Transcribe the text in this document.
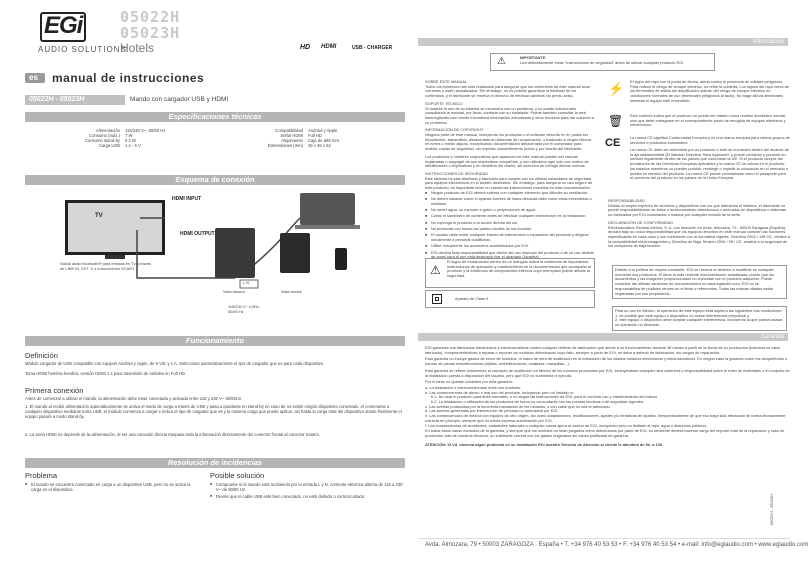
EGi
AUDIO SOLUTIONS
05022H
05023H
Hotels	HD HDMI	USB - CHARGER
es manual de instrucciones
05022H - 05023H	Mando con cargador USB y HDMI
Especificaciones técnicas
Alimentación 115/230 V~, 50/60 Hz
Consumo (máx.) 7 W
Consumo stand-by 0.2 W
Carga USB 1 A - 5 V
Compatibilidad Android y Apple
Señal HDMI Full HD
Alojamiento Caja de ø60 mm.
Dimensiones (mm) 45 x 45 x 52
Esquema de conexión
TV
HDMI INPUT
HDMI OUTPUT
Salida audio bluetooth® para entrada en TV a través de LINE IN, EXT. X o euroconector SCART.
Vista trasera	Vista frontal
L N
115/230 V~ ±15%, 50/60 Hz
Funcionamiento
Definición
Módulo cargador de USB compatible con equipos Android y Apple, de 5 Vdc y 1 A. Selecciona automáticamente el tipo de cargador que es para cada dispositivo.
Toma HDMI hembra-hembra, versión HDMI 1.4 para trasmisión de señales en Full HD.
Primera conexión
Antes de comenzar a utilizar el mando, la alimentación debe estar conectada y activada entre 115 y 230 V~ 50/60Hz.
1. El mando al recibir alimentación automáticamente se activa el modo de carga a través de USB y pasa a quedarse en stand-by en caso de no existir ningún dispositivo conectado. Al conectarse a cualquier dispositivo mediante toma USB, el módulo comienza a cargar e indica el tipo de cargador que es y la máxima carga que puede aplicar, así hasta la carga total del dispositivo donde finalmente el equipo pasará a modo stand-by.
2. La toma HDMI no depende de la alimentación, al ser una conexión directa traspasa toda la información directamente del conector frontal al conector trasero.
Resolución de incidencias
Problema	Posible solución
■ El mando se encuentra conectado en carga a un dispositivo USB, pero no se activa la carga en el dispositivo.
■ Compruebe si el mando está recibiendo por la entrada L y N, corriente eléctrica alterna de 115 a 230 V~ de 50/60 Hz.
■ Revise que el cable USB esté bien conectado, no esté dañado o cortocircuitado.
Información
⚠	IMPORTANTE
Lea detenidamente estas "Instrucciones de seguridad" antes de utilizar cualquier producto EGi
SOBRE ESTE MANUAL
Todos los esfuerzos han sido realizados para asegurar que los contenidos de este manual sean correctos y estén actualizados. Sin embargo, no es posible garantizar la fidelidad de los contenidos, y el fabricante se reserva el derecho de efectuar cambios sin previo aviso.
SOPORTE TÉCNICO
Si durante el uso de su sistema se encuentra con un problema, y no puede solucionarlo consultando el manual, por favor, contacte con su instalador. Puede también consultar la web www.egiaudio.com donde encontrará información actualizada y otros recursos para dar solución a su problema.
INFORMACIÓN DE COPYRIGHT
Ninguna parte de este manual, incluyendo los productos o el software descrito en él, podrá ser reproducido, transmitido, almacenado en sistemas de recuperación, o traducido a ningún idioma en forma o medio alguno, exceptuando documentación almacenada por el comprador para realizar copias de seguridad, sin expreso consentimiento previo y por escrito del fabricante.
Los productos y nombres corporativos que aparecen en este manual pueden ser marcas registradas o copyright de sus respectivas compañías, y son utilizados aquí solo con motivo de identificación o explicativos y en beneficio del dueño, sin intención de infringir dichas normas.
INSTRUCCIONES DE SEGURIDAD
Este sistema ha sido diseñado y fabricado para cumplir con los últimos estándares de seguridad para equipos electrónicos en el ámbito doméstico. Sin embargo, para asegurar un uso seguro de este producto, es importante tener en cuenta las instrucciones incluidas en esta documentación.
■ Ningún producto de EGi deberá subirse con cualquier elemento que dificulte su ventilación.
■ No deben situarse sobre el aparato fuentes de llama desnuda tales como velas encendidas o similares.
■ No verter agua, no exponer a goteo o proyecciones de agua.
■ Cortar el suministro de corriente antes de efectuar cualquier intervención en la instalación.
■ No exponga el producto a la acción directa del sol.
■ No presionar con fuerza las partes móviles de los mandos.
■ El usuario debe evitar cualquier intento de intervención o reparación del producto y dirigirse únicamente a personal cualificado.
■ Utilice únicamente los accesorios suministrados por EGi.
■ EGi declina toda responsabilidad que derive del uso impropio del producto o de un uso distinto de aquel para el que está destinado (ver el apartado Garantía).
⚠
El signo de exclamación dentro de un triángulo indica la existencia de importantes instrucciones de operación y mantenimiento en la documentación que acompaña al producto y la existencia de componentes internos cuyo reemplazo puede afectar la seguridad.
Aparato de Clase II.
⚡ El signo del rayo con la punta de flecha, alerta contra la presencia de voltajes peligrosos. Para reducir el riesgo de choque eléctrico, no retire la cubierta. Los signos del rayo cerca de los terminales de salida del amplificador indican del riesgo de choque eléctrico en condiciones normales de uso (terminales peligrosos al tacto). No haga dichas terminales mientras el equipo esté encendido.
🗑 Este símbolo indica que el producto no puede ser tratado como residuo doméstico normal, sino que debe entregarse en el correspondiente punto de recogida de equipos eléctricos y electrónicos.
CE La marca CE significa Conformidad Europea y es una marca europea para ciertos grupos de servicios o productos industriales.
La marca CE debe ser entendida por un producto o este se encuentra dentro del alcance de la aprobada/emitida (El llamado Directiva "New Approach" y puede venderse y ponerse en servicio legalmente dentro de los países que conforman la UE. Si el producto cumple las provisiones de las Directivas Europeas aplicables y la marca CE se coloca en el producto, los estados miembros no pueden prohibir, restringir o impedir la colocación en el mercado o puesta en servicio del producto. La marca CE puede considerarse como el pasaporte para el comercio del producto en los países de la Unión Europea.
RESPONSABILIDAD
Debido al amplio espectro de servicios y dispositivos con los que interactúa el sistema, el fabricante no puede responsabilizarse de fallos o funcionamiento defectuosos o anómalos de dispositivos o sistemas no fabricados por EGi conectados o usados por cualquier módulo de la serie.
DECLARACIÓN DE CONFORMIDAD
Electroacústica General Ibérica, S. A. con dirección en Avda. Almozara, 79 - 50003 Zaragoza (España), declara bajo su única responsabilidad que los equipos descritos en este manual cumplen las funciones especificadas en cada caso y son conformes con la normativa vigente: Directiva 2004 / 108 CE, relativa a la compatibilidad electromagnética y Directiva de Baja Tensión 2006 / 95 / CE, relativa a la seguridad de los receptores de baja tensión.
Debido a la política de mejora constante, EGi se reserva el derecho a modificar en cualquier momento sus productos. Si tiene la más reciente documentación actualizada, puede que los documentos y las imágenes proporcionados no coincidan con el producto adquirido. Puede consultar las últimas versiones de documentación en www.egiaudio.com. EGi no se responsabiliza de posibles errores en el texto o referencias. Todas las marcas citadas están registradas por sus propietarios.
Para su uso en México, la operación de este equipo está sujeta a las siguientes dos condiciones:
1. es posible que este equipo o dispositivo no cause interferencia perjudicial y
2. este equipo o dispositivo debe aceptar cualquier interferencia, incluyendo la que pueda causar su operación no deseada.
Garantía
EGi garantiza sus fabricados electrónicos y electroacústicos contra cualquier defecto de fabricación que afecte a su funcionamiento durante 36 meses a partir de la fecha de su producción (indicada en cada fabricado), comprometiéndose a reparar o reponer los módulos defectuosos cuyo fallo, siempre a juicio de EGi, se deba a defecto de fabricación, sin cargos de reparación.
Esta garantía no incluye gastos de envío de módulos, ni mano de obra de sustitución en la instalación de los citados módulos electrónicos y electroacústicos. En ningún caso la garantía cubre los desperfectos o roturas de piezas embellecedoras (rejillas, embellecedores, carátulas, marquillas...).
Esta garantía se refiere únicamente al concepto de sustitución en fábrica de los módulos producidos por EGi, excluyéndose cualquier otra cobertura o responsabilidad sobre el resto de materiales o el conjunto de la instalación puesta a disposición del usuario, pero que EGi no suministra ni ejecuta.
Por lo tanto no quedan cubiertos por esta garantía:
a. La instalación e interconexionado entre sus módulos.
b. Las consecuencias de abuso o mal uso del producto, incluyendo pero no limitado a:
b.1. No usar el producto para fines normales, o no seguir las instrucciones de EGi, para el correcto uso y mantenimiento del mismo.
b.2. La instalación o utilización de los productos de forma no concordante con las normas técnicas o de seguridad vigentes.
c. Las averías producidas por la incorrecta instalación de los módulos, o con cable que no sea el adecuado.
d. Las averías generadas por intervención de persona no autorizada por EGi.
e. Las consecuencias de mezcla con equipos de otro origen, así como adaptaciones, modificaciones, ajustes y/o tentativas de ajustes, irrespectivamente de que eso haya sido efectuado de forma técnicamente correcta en principio, siempre que no exista expresa autorización por EGi.
f. Las consecuencias de accidentes, catástrofes naturales o cualquier causa ajena al control de EGi, incluyendo pero no limitado al rayo, agua o disturbios públicos.
En todos estos casos excluidos de la garantía, y siempre que los módulos no sean juzgados como defectuosos por parte de EGi, su remitente deberá hacerse cargo del importe total de la reparación y caso de producirse vida de nuestros técnicos, su solicitante correrá con los gastos originados sin causa justificada de garantía.
ATENCIÓN: Si Vd. observa algún problema en su instalación EGi nuestro Servicio de Atención al cliente le atenderá de 9h. a 13h.
05022H - 05023H
Avda. Almozara, 79 • 50003 ZARAGOZA · España • T. +34 976 40 53 53 • F. +34 976 40 53 54 • e-mail: info@egiaudio.com • www.egiaudio.com
